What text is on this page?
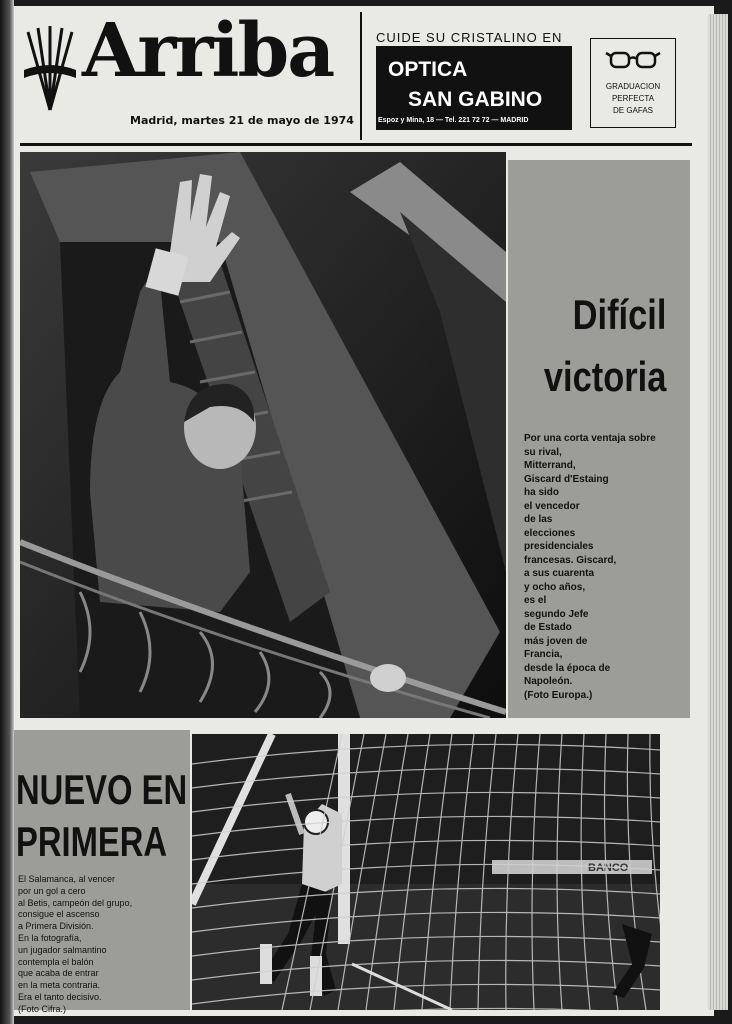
Arriba
Madrid, martes 21 de mayo de 1974
CUIDE SU CRISTALINO EN
OPTICA
SAN GABINO
Espoz y Mina, 18 — Tel. 221 72 72 — MADRID
GRADUACION
PERFECTA
DE GAFAS
Difícil
victoria
Por una corta ventaja sobre
su rival,
Mitterrand,
Giscard d'Estaing
ha sido
el vencedor
de las
elecciones
presidenciales
francesas. Giscard,
a sus cuarenta
y ocho años,
es el
segundo Jefe
de Estado
más joven de
Francia,
desde la época de
Napoleón.
(Foto Europa.)
NUEVO EN
PRIMERA
El Salamanca, al vencer
por un gol a cero
al Betis, campeón del grupo,
consigue el ascenso
a Primera División.
En la fotografía,
un jugador salmantino
contempla el balón
que acaba de entrar
en la meta contraria.
Era el tanto decisivo.
(Foto Cifra.)
BANCO
